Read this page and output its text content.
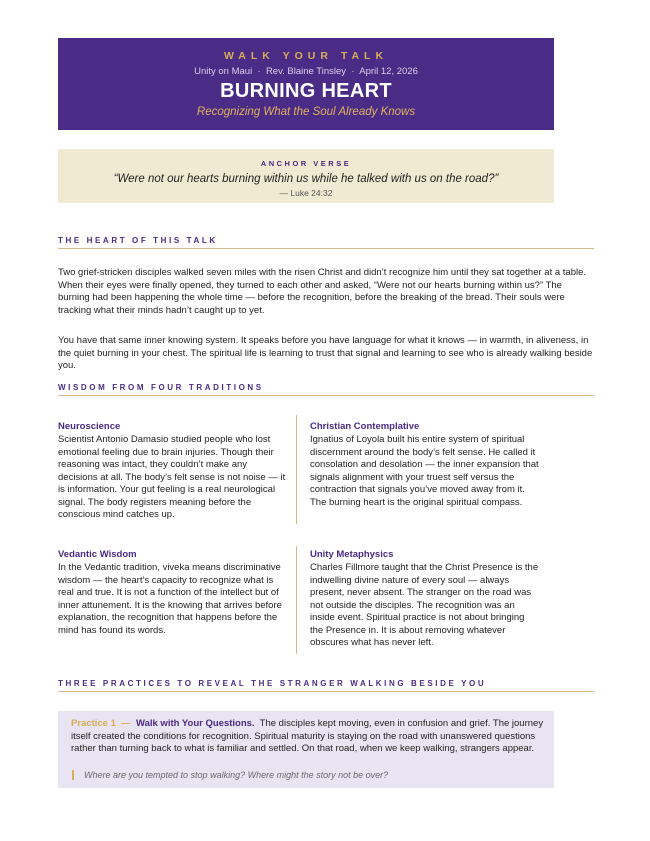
WALK YOUR TALK
Unity on Maui · Rev. Blaine Tinsley · April 12, 2026
BURNING HEART
Recognizing What the Soul Already Knows
ANCHOR VERSE
“Were not our hearts burning within us while he talked with us on the road?”
— Luke 24:32
THE HEART OF THIS TALK

Two grief-stricken disciples walked seven miles with the risen Christ and didn’t recognize him until they sat together at a table. When their eyes were finally opened, they turned to each other and asked, “Were not our hearts burning within us?” The burning had been happening the whole time — before the recognition, before the breaking of the bread. Their souls were tracking what their minds hadn’t caught up to yet.

You have that same inner knowing system. It speaks before you have language for what it knows — in warmth, in aliveness, in the quiet burning in your chest. The spiritual life is learning to trust that signal and learning to see who is already walking beside you.

WISDOM FROM FOUR TRADITIONS
Neuroscience

Scientist Antonio Damasio studied people who lost emotional feeling due to brain injuries. Though their reasoning was intact, they couldn’t make any decisions at all. The body’s felt sense is not noise — it is information. Your gut feeling is a real neurological signal. The body registers meaning before the conscious mind catches up.

Christian Contemplative

Ignatius of Loyola built his entire system of spiritual discernment around the body’s felt sense. He called it consolation and desolation — the inner expansion that signals alignment with your truest self versus the contraction that signals you’ve moved away from it. The burning heart is the original spiritual compass.

Vedantic Wisdom

In the Vedantic tradition, viveka means discriminative wisdom — the heart’s capacity to recognize what is real and true. It is not a function of the intellect but of inner attunement. It is the knowing that arrives before explanation, the recognition that happens before the mind has found its words.

Unity Metaphysics

Charles Fillmore taught that the Christ Presence is the indwelling divine nature of every soul — always present, never absent. The stranger on the road was not outside the disciples. The recognition was an inside event. Spiritual practice is not about bringing the Presence in. It is about removing whatever obscures what has never left.

THREE PRACTICES TO REVEAL THE STRANGER WALKING BESIDE YOU

Practice 1 — Walk with Your Questions. The disciples kept moving, even in confusion and grief. The journey itself created the conditions for recognition. Spiritual maturity is staying on the road with unanswered questions rather than turning back to what is familiar and settled. On that road, when we keep walking, strangers appear.

Where are you tempted to stop walking? Where might the story not be over?
